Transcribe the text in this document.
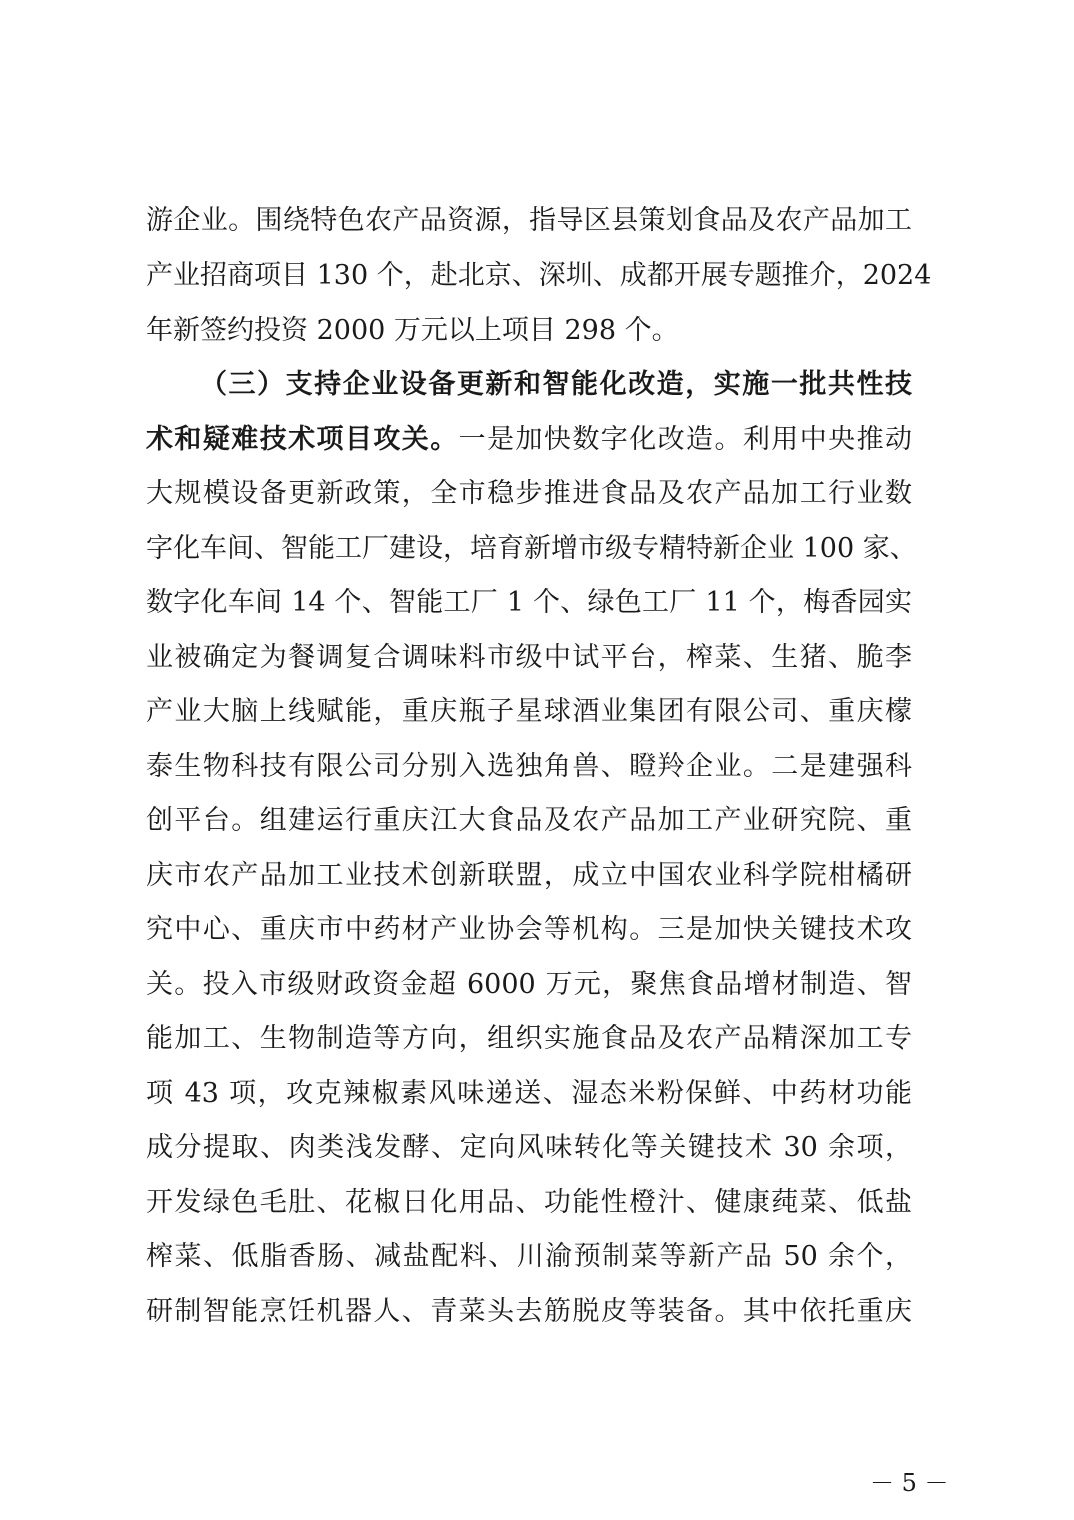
游企业。围绕特色农产品资源，指导区县策划食品及农产品加工
产业招商项目 130 个，赴北京、深圳、成都开展专题推介，2024
年新签约投资 2000 万元以上项目 298 个。
（三）支持企业设备更新和智能化改造，实施一批共性技
术和疑难技术项目攻关。一是加快数字化改造。利用中央推动
大规模设备更新政策，全市稳步推进食品及农产品加工行业数
字化车间、智能工厂建设，培育新增市级专精特新企业 100 家、
数字化车间 14 个、智能工厂 1 个、绿色工厂 11 个，梅香园实
业被确定为餐调复合调味料市级中试平台，榨菜、生猪、脆李
产业大脑上线赋能，重庆瓶子星球酒业集团有限公司、重庆檬
泰生物科技有限公司分别入选独角兽、瞪羚企业。二是建强科
创平台。组建运行重庆江大食品及农产品加工产业研究院、重
庆市农产品加工业技术创新联盟，成立中国农业科学院柑橘研
究中心、重庆市中药材产业协会等机构。三是加快关键技术攻
关。投入市级财政资金超 6000 万元，聚焦食品增材制造、智
能加工、生物制造等方向，组织实施食品及农产品精深加工专
项 43 项，攻克辣椒素风味递送、湿态米粉保鲜、中药材功能
成分提取、肉类浅发酵、定向风味转化等关键技术 30 余项，
开发绿色毛肚、花椒日化用品、功能性橙汁、健康莼菜、低盐
榨菜、低脂香肠、减盐配料、川渝预制菜等新产品 50 余个，
研制智能烹饪机器人、青菜头去筋脱皮等装备。其中依托重庆
－ 5 －
